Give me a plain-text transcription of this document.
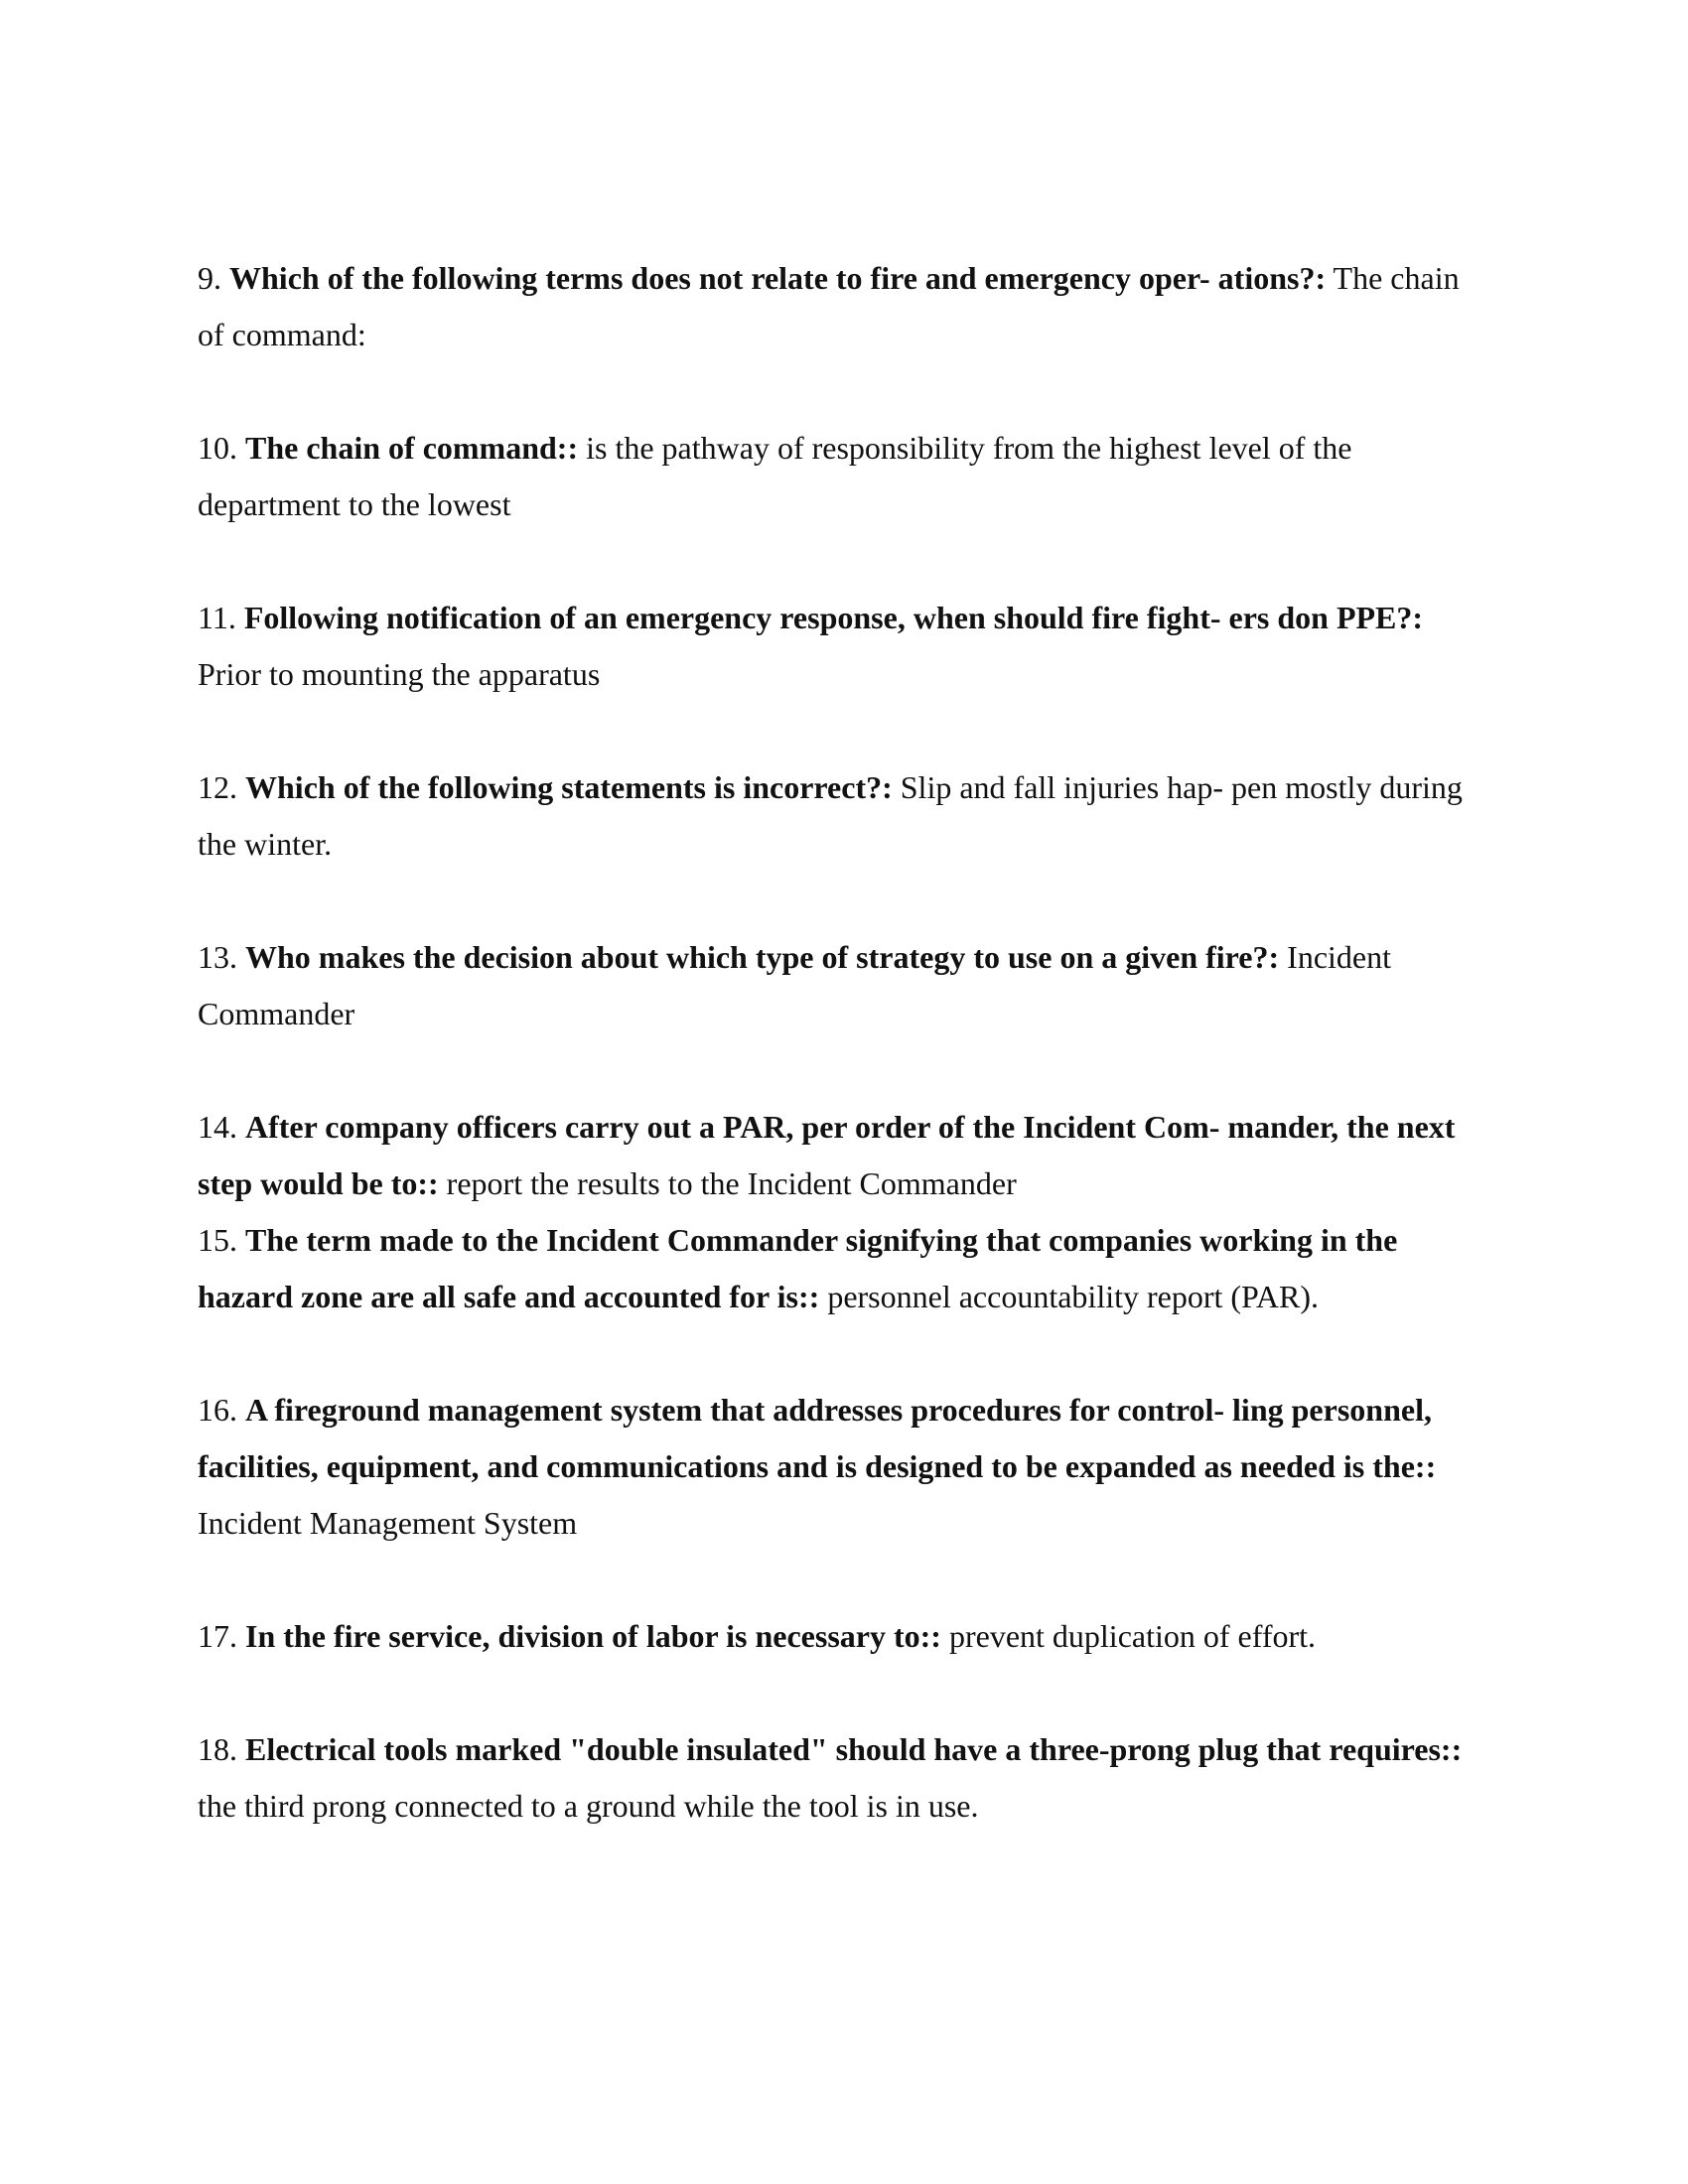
9. Which of the following terms does not relate to fire and emergency oper- ations?: The chain of command:

10. The chain of command:: is the pathway of responsibility from the highest level of the department to the lowest

11. Following notification of an emergency response, when should fire fight- ers don PPE?: Prior to mounting the apparatus

12. Which of the following statements is incorrect?: Slip and fall injuries hap- pen mostly during the winter.

13. Who makes the decision about which type of strategy to use on a given fire?: Incident Commander

14. After company officers carry out a PAR, per order of the Incident Com- mander, the next step would be to:: report the results to the Incident Commander

15. The term made to the Incident Commander signifying that companies working in the hazard zone are all safe and accounted for is:: personnel accountability report (PAR).

16. A fireground management system that addresses procedures for control- ling personnel, facilities, equipment, and communications and is designed to be expanded as needed is the:: Incident Management System

17. In the fire service, division of labor is necessary to:: prevent duplication of effort.

18. Electrical tools marked "double insulated" should have a three-prong plug that requires:: the third prong connected to a ground while the tool is in use.
